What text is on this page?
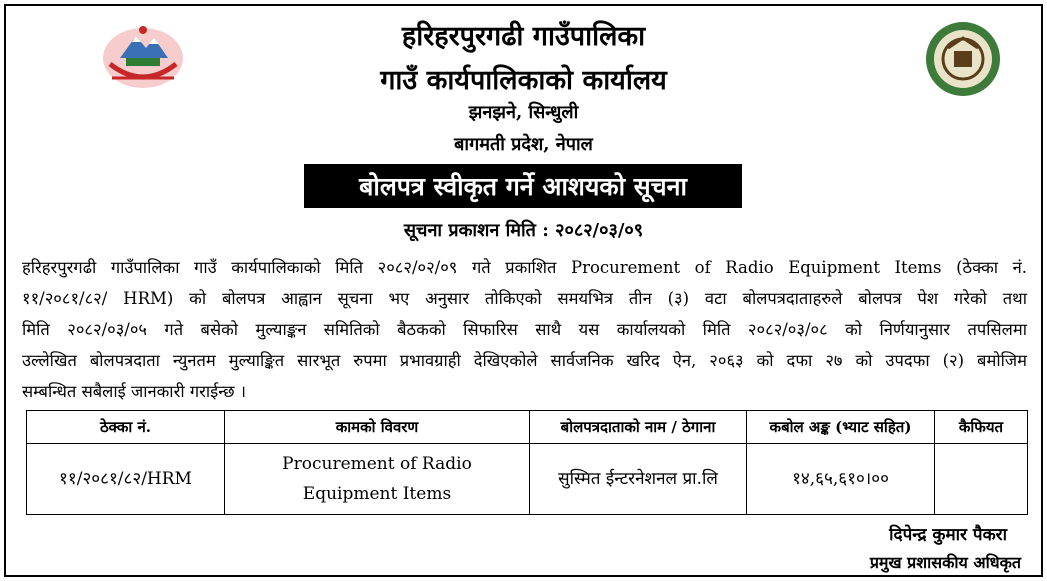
हरिहरपुरगढी गाउँपालिका
गाउँ कार्यपालिकाको कार्यालय
झनझने, सिन्धुली
बागमती प्रदेश, नेपाल
बोलपत्र स्वीकृत गर्ने आशयको सूचना
सूचना प्रकाशन मिति : २०८२/०३/०९
हरिहरपुरगढी गाउँपालिका गाउँ कार्यपालिकाको मिति २०८२/०२/०९ गते प्रकाशित Procurement of Radio Equipment Items (ठेक्का नं.
११/२०८१/८२/ HRM) को बोलपत्र आह्वान सूचना भए अनुसार तोकिएको समयभित्र तीन (३) वटा बोलपत्रदाताहरुले बोलपत्र पेश गरेको तथा
मिति २०८२/०३/०५ गते बसेको मुल्याङ्कन समितिको बैठकको सिफारिस साथै यस कार्यालयको मिति २०८२/०३/०८ को निर्णयानुसार तपसिलमा
उल्लेखित बोलपत्रदाता न्युनतम मुल्याङ्कित सारभूत रुपमा प्रभावग्राही देखिएकोले सार्वजनिक खरिद ऐन, २०६३ को दफा २७ को उपदफा (२) बमोजिम
सम्बन्धित सबैलाई जानकारी गराईन्छ ।
ठेक्का नं.	कामको विवरण	बोलपत्रदाताको नाम / ठेगाना	कबोल अङ्क (भ्याट सहित)	कैफियत
११/२०८१/८२/HRM	Procurement of Radio Equipment Items	सुस्मित ईन्टरनेशनल प्रा.लि	१४,६५,६१०।००	
दिपेन्द्र कुमार पैकरा
प्रमुख प्रशासकीय अधिकृत
